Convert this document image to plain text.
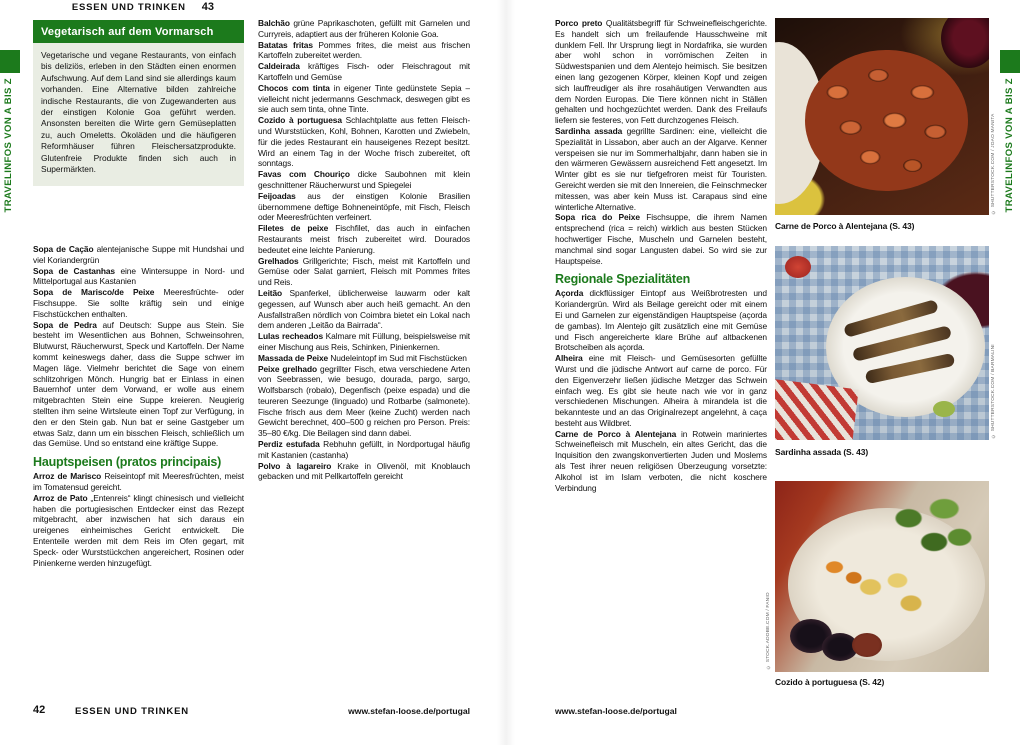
TRAVELINFOS VON A BIS Z	TRAVELINFOS VON A BIS Z
Vegetarisch auf dem Vormarsch
Vegetarische und vegane Restaurants, von einfach bis deliziös, erleben in den Städten einen enormen Aufschwung. Auf dem Land sind sie allerdings kaum vorhanden. Eine Alternative bilden zahlreiche indische Restaurants, die von Zugewanderten aus der einstigen Kolonie Goa geführt werden. Ansonsten bereiten die Wirte gern Gemüseplatten zu, auch Omeletts. Ökoläden und die häufigeren Reformhäuser führen Fleischersatzprodukte. Glutenfreie Produkte finden sich auch in Supermärkten.

Sopa de Cação alentejanische Suppe mit Hundshai und viel Koriandergrün

Sopa de Castanhas eine Wintersuppe in Nord- und Mittelportugal aus Kastanien

Sopa de Marisco/de Peixe Meeresfrüchte- oder Fischsuppe. Sie sollte kräftig sein und einige Fischstückchen enthalten.

Sopa de Pedra auf Deutsch: Suppe aus Stein. Sie besteht im Wesentlichen aus Bohnen, Schweinsohren, Blutwurst, Räucherwurst, Speck und Kartoffeln. Der Name kommt keineswegs daher, dass die Suppe schwer im Magen läge. Vielmehr berichtet die Sage von einem schlitzohrigen Mönch. Hungrig bat er Einlass in einen Bauernhof unter dem Vorwand, er wolle aus einem mitgebrachten Stein eine Suppe kreieren. Neugierig stellten ihm seine Wirtsleute einen Topf zur Verfügung, in den er den Stein gab. Nun bat er seine Gastgeber um etwas Salz, dann um ein bisschen Fleisch, schließlich um das Gemüse. Und so entstand eine kräftige Suppe.

Hauptspeisen (pratos principais)

Arroz de Marisco Reiseintopf mit Meeresfrüchten, meist im Tomatensud gereicht.

Arroz de Pato „Entenreis“ klingt chinesisch und vielleicht haben die portugiesischen Entdecker einst das Rezept mitgebracht, aber inzwischen hat sich daraus ein ureigenes einheimisches Gericht entwickelt. Die Ententeile werden mit dem Reis im Ofen gegart, mit Speck- oder Wurststückchen angereichert, Rosinen oder Pinienkerne werden hinzugefügt.

Balchão grüne Paprikaschoten, gefüllt mit Garnelen und Curryreis, adaptiert aus der früheren Kolonie Goa.

Batatas fritas Pommes frites, die meist aus frischen Kartoffeln zubereitet werden.

Caldeirada kräftiges Fisch- oder Fleischragout mit Kartoffeln und Gemüse

Chocos com tinta in eigener Tinte gedünstete Sepia – vielleicht nicht jedermanns Geschmack, deswegen gibt es sie auch sem tinta, ohne Tinte.

Cozido à portuguesa Schlachtplatte aus fetten Fleisch- und Wurststücken, Kohl, Bohnen, Karotten und Zwiebeln, für die jedes Restaurant ein hauseigenes Rezept besitzt. Wird an einem Tag in der Woche frisch zubereitet, oft sonntags.

Favas com Chouriço dicke Saubohnen mit klein geschnittener Räucherwurst und Spiegelei

Feijoadas aus der einstigen Kolonie Brasilien übernommene deftige Bohneneintöpfe, mit Fisch, Fleisch oder Meeresfrüchten verfeinert.

Filetes de peixe Fischfilet, das auch in einfachen Restaurants meist frisch zubereitet wird. Dourados bedeutet eine leichte Panierung.

Grelhados Grillgerichte; Fisch, meist mit Kartoffeln und Gemüse oder Salat garniert, Fleisch mit Pommes frites und Reis.

Leitão Spanferkel, üblicherweise lauwarm oder kalt gegessen, auf Wunsch aber auch heiß gemacht. An den Ausfallstraßen nördlich von Coimbra bietet ein Lokal nach dem anderen „Leitão da Bairrada“.

Lulas recheados Kalmare mit Füllung, beispielsweise mit einer Mischung aus Reis, Schinken, Pinienkernen.

Massada de Peixe Nudeleintopf im Sud mit Fischstücken

Peixe grelhado gegrillter Fisch, etwa verschiedene Arten von Seebrassen, wie besugo, dourada, pargo, sargo, Wolfsbarsch (robalo), Degenfisch (peixe espada) und die teureren Seezunge (linguado) und Rotbarbe (salmonete). Fische frisch aus dem Meer (keine Zucht) werden nach Gewicht berechnet, 400–500 g reichen pro Person. Preis: 35–80 €/kg. Die Beilagen sind dann dabei.

Perdiz estufada Rebhuhn gefüllt, in Nordportugal häufig mit Kastanien (castanha)

Polvo à lagareiro Krake in Olivenöl, mit Knoblauch gebacken und mit Pellkartoffeln gereicht

Porco preto Qualitätsbegriff für Schweinefleischgerichte. Es handelt sich um freilaufende Hausschweine mit dunklem Fell. Ihr Ursprung liegt in Nordafrika, sie wurden aber wohl schon in vorrömischen Zeiten in Südwestspanien und dem Alentejo heimisch. Sie besitzen einen lang gezogenen Körper, kleinen Kopf und zeigen sich lauffreudiger als ihre rosahäutigen Verwandten aus dem Norden Europas. Die Tiere können nicht in Ställen gehalten und hochgezüchtet werden. Dank des Freilaufs liefern sie festeres, von Fett durchzogenes Fleisch.

Sardinha assada gegrillte Sardinen: eine, vielleicht die Spezialität in Lissabon, aber auch an der Algarve. Kenner verspeisen sie nur im Sommerhalbjahr, dann haben sie in den wärmeren Gewässern ausreichend Fett angesetzt. Im Winter gibt es sie nur tiefgefroren meist für Touristen. Gereicht werden sie mit den Innereien, die Feinschmecker mitessen, was aber kein Muss ist. Carapaus sind eine winterliche Alternative.

Sopa rica do Peixe Fischsuppe, die ihrem Namen entsprechend (rica = reich) wirklich aus besten Stücken hochwertiger Fische, Muscheln und Garnelen besteht, manchmal sind sogar Langusten dabei. So wird sie zur Hauptspeise.

Regionale Spezialitäten

Açorda dickflüssiger Eintopf aus Weißbrotresten und Koriandergrün. Wird als Beilage gereicht oder mit einem Ei und Garnelen zur eigenständigen Hauptspeise (açorda de gambas). Im Alentejo gilt zusätzlich eine mit Gemüse und Fisch angereicherte klare Brühe auf altbackenen Brotscheiben als açorda.

Alheira eine mit Fleisch- und Gemüsesorten gefüllte Wurst und die jüdische Antwort auf carne de porco. Für den Eigenverzehr ließen jüdische Metzger das Schwein einfach weg. Es gibt sie heute nach wie vor in ganz verschiedenen Mischungen. Alheira à mirandela ist die bekannteste und an das Originalrezept angelehnt, à caça besteht aus Wildbret.

Carne de Porco à Alentejana in Rotwein mariniertes Schweinefleisch mit Muscheln, ein altes Gericht, das die Inquisition den zwangskonvertierten Juden und Moslems als Test ihrer neuen religiösen Überzeugung vorsetzte: Alkohol ist im Islam verboten, die nicht koschere Verbindung

Carne de Porco à Alentejana (S. 43)
© SHUTTERSTOCK.COM / JOAO MANITA
Sardinha assada (S. 43)
© SHUTTERSTOCK.COM / BARMALINI
Cozido à portuguesa (S. 42)
© STOCK.ADOBE.COM / FANIO
42	ESSEN UND TRINKEN	www.stefan-loose.de/portugal	www.stefan-loose.de/portugal
ESSEN UND TRINKEN 43
